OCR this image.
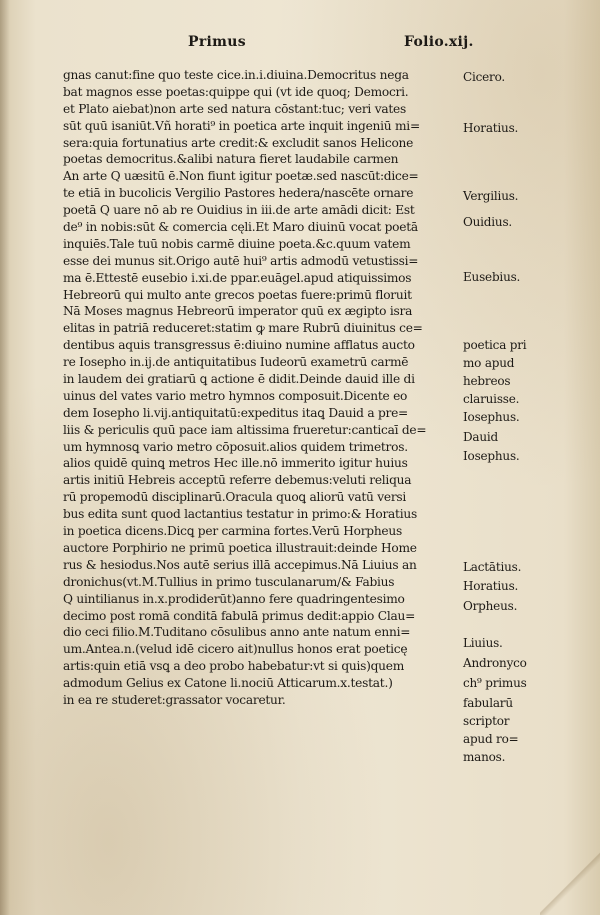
Primus	Folio.xij.
gnas canut:fine quo teste cice.in.i.diuina.Democritus nega
bat magnos esse poetas:quippe qui (vt ide quoq; Democri.
et Plato aiebat)non arte sed natura cōstant:tuc; veri vates
sūt quū isaniūt.Vñ horati⁹ in poetica arte inquit ingeniū mi=
sera:quia fortunatius arte credit:& excludit sanos Helicone
poetas democritus.&alibi natura fieret laudabile carmen
An arte Q uæsitū ē.Non fiunt igitur poetæ.sed nascūt:dice=
te etiā in bucolicis Vergilio Pastores hedera/nascēte ornare
poetā Q uare nō ab re Ouidius in iii.de arte amādi dicit: Est
de⁹ in nobis:sūt & comercia cęli.Et Maro diuinū vocat poetā
inquiēs.Tale tuū nobis carmē diuine poeta.&c.quum vatem
esse dei munus sit.Origo autē hui⁹ artis admodū vetustissi=
ma ē.Ettestē eusebio i.xi.de ppar.euāgel.apud atiquissimos
Hebreorū qui multo ante grecos poetas fuere:primū floruit
Nā Moses magnus Hebreorū imperator quū ex ægipto isra
elitas in patriā reduceret:statim ꝙ mare Rubrū diuinitus ce=
dentibus aquis transgressus ē:diuino numine afflatus aucto
re Iosepho in.ij.de antiquitatibus Iudeorū exametrū carmē
in laudem dei gratiarū ꝗ actione ē didit.Deinde dauid ille di
uinus del vates vario metro hymnos composuit.Dicente eo
dem Iosepho li.vij.antiquitatū:expeditus itaꝗ Dauid a pre=
liis & periculis quū pace iam altissima frueretur:canticaī de=
um hymnosꝗ vario metro cōposuit.alios quidem trimetros.
alios quidē quinꝗ metros Hec ille.nō immerito igitur huius
artis initiū Hebreis acceptū referre debemus:veluti reliqua
rū propemodū disciplinarū.Oracula quoꝗ aliorū vatū versi
bus edita sunt quod lactantius testatur in primo:& Horatius
in poetica dicens.Dicꝗ per carmina fortes.Verū Horpheus
auctore Porphirio ne primū poetica illustrauit:deinde Home
rus & hesiodus.Nos autē serius illā accepimus.Nā Liuius an
dronichus(vt.M.Tullius in primo tusculanarum/& Fabius
Q uintilianus in.x.prodiderūt)anno fere quadringentesimo
decimo post romā conditā fabulā primus dedit:appio Clau=
dio ceci filio.M.Tuditano cōsulibus anno ante natum enni=
um.Antea.n.(velud idē cicero ait)nullus honos erat poeticę
artis:quin etiā vsꝗ a deo probo habebatur:vt si quis)quem
admodum Gelius ex Catone li.nociū Atticarum.x.testat.)
in ea re studeret:grassator vocaretur.
Cicero.
Horatius.
Vergilius.
Ouidius.
Eusebius.
poetica pri
mo apud
hebreos
claruisse.
Iosephus.
Dauid
Iosephus.
Lactātius.
Horatius.
Orpheus.
Liuius.
Andronyco
ch⁹ primus
fabularū
scriptor
apud ro=
manos.
